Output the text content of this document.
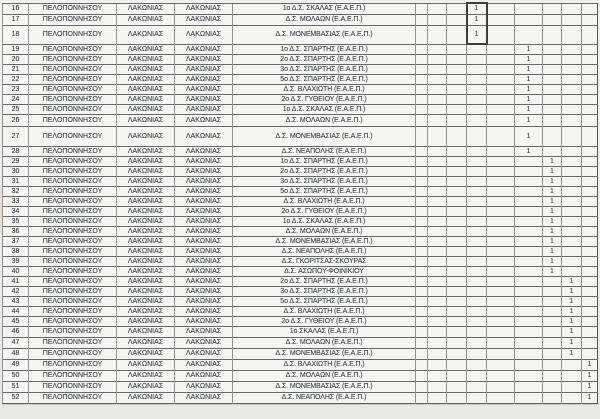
16	ΠΕΛΟΠΟΝΝΗΣΟΥ	ΛΑΚΩΝΙΑΣ	ΛΑΚΩΝΙΑΣ	1ο Δ.Σ. ΣΚΑΛΑΣ (Ε.Α.Ε.Π.)				1					
17	ΠΕΛΟΠΟΝΝΗΣΟΥ	ΛΑΚΩΝΙΑΣ	ΛΑΚΩΝΙΑΣ	Δ.Σ. ΜΟΛΑΩΝ (Ε.Α.Ε.Π.)				1					
18	ΠΕΛΟΠΟΝΝΗΣΟΥ	ΛΑΚΩΝΙΑΣ	ΛΑΚΩΝΙΑΣ	Δ.Σ. ΜΟΝΕΜΒΑΣΙΑΣ (Ε.Α.Ε.Π.)				1					
19	ΠΕΛΟΠΟΝΝΗΣΟΥ	ΛΑΚΩΝΙΑΣ	ΛΑΚΩΝΙΑΣ	1ο Δ.Σ. ΣΠΑΡΤΗΣ (Ε.Α.Ε.Π.)						1			
20	ΠΕΛΟΠΟΝΝΗΣΟΥ	ΛΑΚΩΝΙΑΣ	ΛΑΚΩΝΙΑΣ	2ο Δ.Σ. ΣΠΑΡΤΗΣ (Ε.Α.Ε.Π.)						1			
21	ΠΕΛΟΠΟΝΝΗΣΟΥ	ΛΑΚΩΝΙΑΣ	ΛΑΚΩΝΙΑΣ	3ο Δ.Σ. ΣΠΑΡΤΗΣ (Ε.Α.Ε.Π.)						1			
22	ΠΕΛΟΠΟΝΝΗΣΟΥ	ΛΑΚΩΝΙΑΣ	ΛΑΚΩΝΙΑΣ	5ο Δ.Σ. ΣΠΑΡΤΗΣ (Ε.Α.Ε.Π.)						1			
23	ΠΕΛΟΠΟΝΝΗΣΟΥ	ΛΑΚΩΝΙΑΣ	ΛΑΚΩΝΙΑΣ	Δ.Σ. ΒΛΑΧΙΩΤΗ (Ε.Α.Ε.Π.)						1			
24	ΠΕΛΟΠΟΝΝΗΣΟΥ	ΛΑΚΩΝΙΑΣ	ΛΑΚΩΝΙΑΣ	2ο Δ.Σ. ΓΥΘΕΙΟΥ (Ε.Α.Ε.Π.)						1			
25	ΠΕΛΟΠΟΝΝΗΣΟΥ	ΛΑΚΩΝΙΑΣ	ΛΑΚΩΝΙΑΣ	1ο Δ.Σ. ΣΚΑΛΑΣ (Ε.Α.Ε.Π.)						1			
26	ΠΕΛΟΠΟΝΝΗΣΟΥ	ΛΑΚΩΝΙΑΣ	ΛΑΚΩΝΙΑΣ	Δ.Σ. ΜΟΛΑΩΝ (Ε.Α.Ε.Π.)						1			
27	ΠΕΛΟΠΟΝΝΗΣΟΥ	ΛΑΚΩΝΙΑΣ	ΛΑΚΩΝΙΑΣ	Δ.Σ. ΜΟΝΕΜΒΑΣΙΑΣ (Ε.Α.Ε.Π.)						1			
28	ΠΕΛΟΠΟΝΝΗΣΟΥ	ΛΑΚΩΝΙΑΣ	ΛΑΚΩΝΙΑΣ	Δ.Σ. ΝΕΑΠΟΛΗΣ (Ε.Α.Ε.Π.)						1			
29	ΠΕΛΟΠΟΝΝΗΣΟΥ	ΛΑΚΩΝΙΑΣ	ΛΑΚΩΝΙΑΣ	1ο Δ.Σ. ΣΠΑΡΤΗΣ (Ε.Α.Ε.Π.)							1		
30	ΠΕΛΟΠΟΝΝΗΣΟΥ	ΛΑΚΩΝΙΑΣ	ΛΑΚΩΝΙΑΣ	2ο Δ.Σ. ΣΠΑΡΤΗΣ (Ε.Α.Ε.Π.)							1		
31	ΠΕΛΟΠΟΝΝΗΣΟΥ	ΛΑΚΩΝΙΑΣ	ΛΑΚΩΝΙΑΣ	3ο Δ.Σ. ΣΠΑΡΤΗΣ (Ε.Α.Ε.Π.)							1		
32	ΠΕΛΟΠΟΝΝΗΣΟΥ	ΛΑΚΩΝΙΑΣ	ΛΑΚΩΝΙΑΣ	5ο Δ.Σ. ΣΠΑΡΤΗΣ (Ε.Α.Ε.Π.)							1		
33	ΠΕΛΟΠΟΝΝΗΣΟΥ	ΛΑΚΩΝΙΑΣ	ΛΑΚΩΝΙΑΣ	Δ.Σ. ΒΛΑΧΙΩΤΗ (Ε.Α.Ε.Π.)							1		
34	ΠΕΛΟΠΟΝΝΗΣΟΥ	ΛΑΚΩΝΙΑΣ	ΛΑΚΩΝΙΑΣ	2ο Δ.Σ. ΓΥΘΕΙΟΥ (Ε.Α.Ε.Π.)							1		
35	ΠΕΛΟΠΟΝΝΗΣΟΥ	ΛΑΚΩΝΙΑΣ	ΛΑΚΩΝΙΑΣ	1ο Δ.Σ. ΣΚΑΛΑΣ (Ε.Α.Ε.Π.)							1		
36	ΠΕΛΟΠΟΝΝΗΣΟΥ	ΛΑΚΩΝΙΑΣ	ΛΑΚΩΝΙΑΣ	Δ.Σ. ΜΟΛΑΩΝ (Ε.Α.Ε.Π.)							1		
37	ΠΕΛΟΠΟΝΝΗΣΟΥ	ΛΑΚΩΝΙΑΣ	ΛΑΚΩΝΙΑΣ	Δ.Σ. ΜΟΝΕΜΒΑΣΙΑΣ (Ε.Α.Ε.Π.)							1		
38	ΠΕΛΟΠΟΝΝΗΣΟΥ	ΛΑΚΩΝΙΑΣ	ΛΑΚΩΝΙΑΣ	Δ.Σ. ΝΕΑΠΟΛΗΣ (Ε.Α.Ε.Π.)							1		
39	ΠΕΛΟΠΟΝΝΗΣΟΥ	ΛΑΚΩΝΙΑΣ	ΛΑΚΩΝΙΑΣ	Δ.Σ. ΓΚΟΡΙΤΣΑΣ-ΣΚΟΥΡΑΣ							1		
40	ΠΕΛΟΠΟΝΝΗΣΟΥ	ΛΑΚΩΝΙΑΣ	ΛΑΚΩΝΙΑΣ	Δ.Σ. ΑΣΩΠΟΥ-ΦΟΙΝΙΚΙΟΥ							1		
41	ΠΕΛΟΠΟΝΝΗΣΟΥ	ΛΑΚΩΝΙΑΣ	ΛΑΚΩΝΙΑΣ	2ο Δ.Σ. ΣΠΑΡΤΗΣ (Ε.Α.Ε.Π.)								1	
42	ΠΕΛΟΠΟΝΝΗΣΟΥ	ΛΑΚΩΝΙΑΣ	ΛΑΚΩΝΙΑΣ	3ο Δ.Σ. ΣΠΑΡΤΗΣ (Ε.Α.Ε.Π.)								1	
43	ΠΕΛΟΠΟΝΝΗΣΟΥ	ΛΑΚΩΝΙΑΣ	ΛΑΚΩΝΙΑΣ	5ο Δ.Σ. ΣΠΑΡΤΗΣ (Ε.Α.Ε.Π.)								1	
44	ΠΕΛΟΠΟΝΝΗΣΟΥ	ΛΑΚΩΝΙΑΣ	ΛΑΚΩΝΙΑΣ	Δ.Σ. ΒΛΑΧΙΩΤΗ (Ε.Α.Ε.Π.)								1	
45	ΠΕΛΟΠΟΝΝΗΣΟΥ	ΛΑΚΩΝΙΑΣ	ΛΑΚΩΝΙΑΣ	2ο Δ.Σ. ΓΥΘΕΙΟΥ (Ε.Α.Ε.Π.)								1	
46	ΠΕΛΟΠΟΝΝΗΣΟΥ	ΛΑΚΩΝΙΑΣ	ΛΑΚΩΝΙΑΣ	1ο ΣΚΑΛΑΣ (Ε.Α.Ε.Π.)								1	
47	ΠΕΛΟΠΟΝΝΗΣΟΥ	ΛΑΚΩΝΙΑΣ	ΛΑΚΩΝΙΑΣ	Δ.Σ. ΜΟΛΑΩΝ (Ε.Α.Ε.Π.)								1	
48	ΠΕΛΟΠΟΝΝΗΣΟΥ	ΛΑΚΩΝΙΑΣ	ΛΑΚΩΝΙΑΣ	Δ.Σ. ΜΟΝΕΜΒΑΣΙΑΣ (Ε.Α.Ε.Π.)								1	
49	ΠΕΛΟΠΟΝΝΗΣΟΥ	ΛΑΚΩΝΙΑΣ	ΛΑΚΩΝΙΑΣ	Δ.Σ. ΒΛΑΧΙΩΤΗ (Ε.Α.Ε.Π.)									1
50	ΠΕΛΟΠΟΝΝΗΣΟΥ	ΛΑΚΩΝΙΑΣ	ΛΑΚΩΝΙΑΣ	Δ.Σ. ΜΟΛΑΩΝ (Ε.Α.Ε.Π.)									1
51	ΠΕΛΟΠΟΝΝΗΣΟΥ	ΛΑΚΩΝΙΑΣ	ΛΑΚΩΝΙΑΣ	Δ.Σ. ΜΟΝΕΜΒΑΣΙΑΣ (Ε.Α.Ε.Π.)									1
52	ΠΕΛΟΠΟΝΝΗΣΟΥ	ΛΑΚΩΝΙΑΣ	ΛΑΚΩΝΙΑΣ	Δ.Σ. ΝΕΑΠΟΛΗΣ (Ε.Α.Ε.Π.)									1
